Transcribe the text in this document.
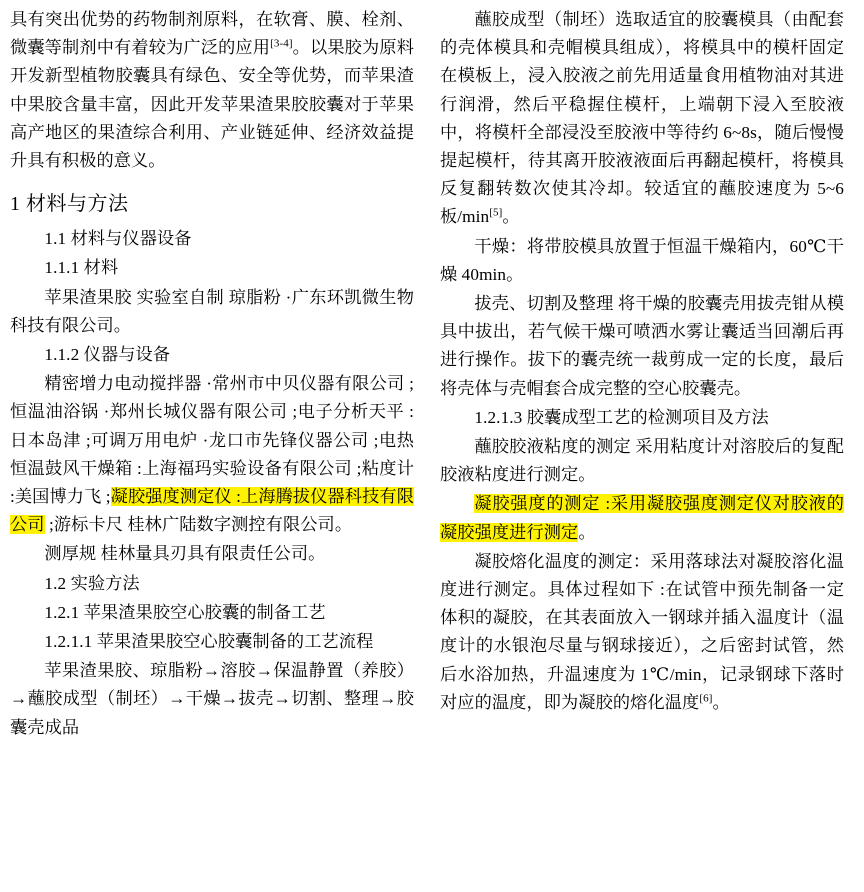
具有突出优势的药物制剂原料，在软膏、膜、栓剂、微囊等制剂中有着较为广泛的应用[3-4]。以果胶为原料开发新型植物胶囊具有绿色、安全等优势，而苹果渣中果胶含量丰富，因此开发苹果渣果胶胶囊对于苹果高产地区的果渣综合利用、产业链延伸、经济效益提升具有积极的意义。

1 材料与方法

1.1 材料与仪器设备

1.1.1 材料

苹果渣果胶 实验室自制 琼脂粉 ·广东环凯微生物科技有限公司。

1.1.2 仪器与设备

精密增力电动搅拌器 ·常州市中贝仪器有限公司 ;恒温油浴锅 ·郑州长城仪器有限公司 ;电子分析天平 :日本岛津 ;可调万用电炉 ·龙口市先锋仪器公司 ;电热恒温鼓风干燥箱 :上海福玛实验设备有限公司 ;粘度计 :美国博力飞 ;凝胶强度测定仪 :上海腾拔仪器科技有限公司 ;游标卡尺 桂林广陆数字测控有限公司。

测厚规 桂林量具刃具有限责任公司。

1.2 实验方法

1.2.1 苹果渣果胶空心胶囊的制备工艺

1.2.1.1 苹果渣果胶空心胶囊制备的工艺流程

苹果渣果胶、琼脂粉→溶胶→保温静置（养胶）→蘸胶成型（制坯）→干燥→拔壳→切割、整理→胶囊壳成品

蘸胶成型（制坯）选取适宜的胶囊模具（由配套的壳体模具和壳帽模具组成），将模具中的模杆固定在模板上，浸入胶液之前先用适量食用植物油对其进行润滑，然后平稳握住模杆，上端朝下浸入至胶液中，将模杆全部浸没至胶液中等待约 6~8s，随后慢慢提起模杆，待其离开胶液液面后再翻起模杆，将模具反复翻转数次使其冷却。较适宜的蘸胶速度为 5~6 板/min[5]。

干燥：将带胶模具放置于恒温干燥箱内，60℃干燥 40min。

拔壳、切割及整理 将干燥的胶囊壳用拔壳钳从模具中拔出，若气候干燥可喷洒水雾让囊适当回潮后再进行操作。拔下的囊壳统一裁剪成一定的长度，最后将壳体与壳帽套合成完整的空心胶囊壳。

1.2.1.3 胶囊成型工艺的检测项目及方法

蘸胶胶液粘度的测定 采用粘度计对溶胶后的复配胶液粘度进行测定。

凝胶强度的测定 :采用凝胶强度测定仪对胶液的凝胶强度进行测定。

凝胶熔化温度的测定：采用落球法对凝胶溶化温度进行测定。具体过程如下 :在试管中预先制备一定体积的凝胶，在其表面放入一钢球并插入温度计（温度计的水银泡尽量与钢球接近），之后密封试管，然后水浴加热，升温速度为 1℃/min，记录钢球下落时对应的温度，即为凝胶的熔化温度[6]。
